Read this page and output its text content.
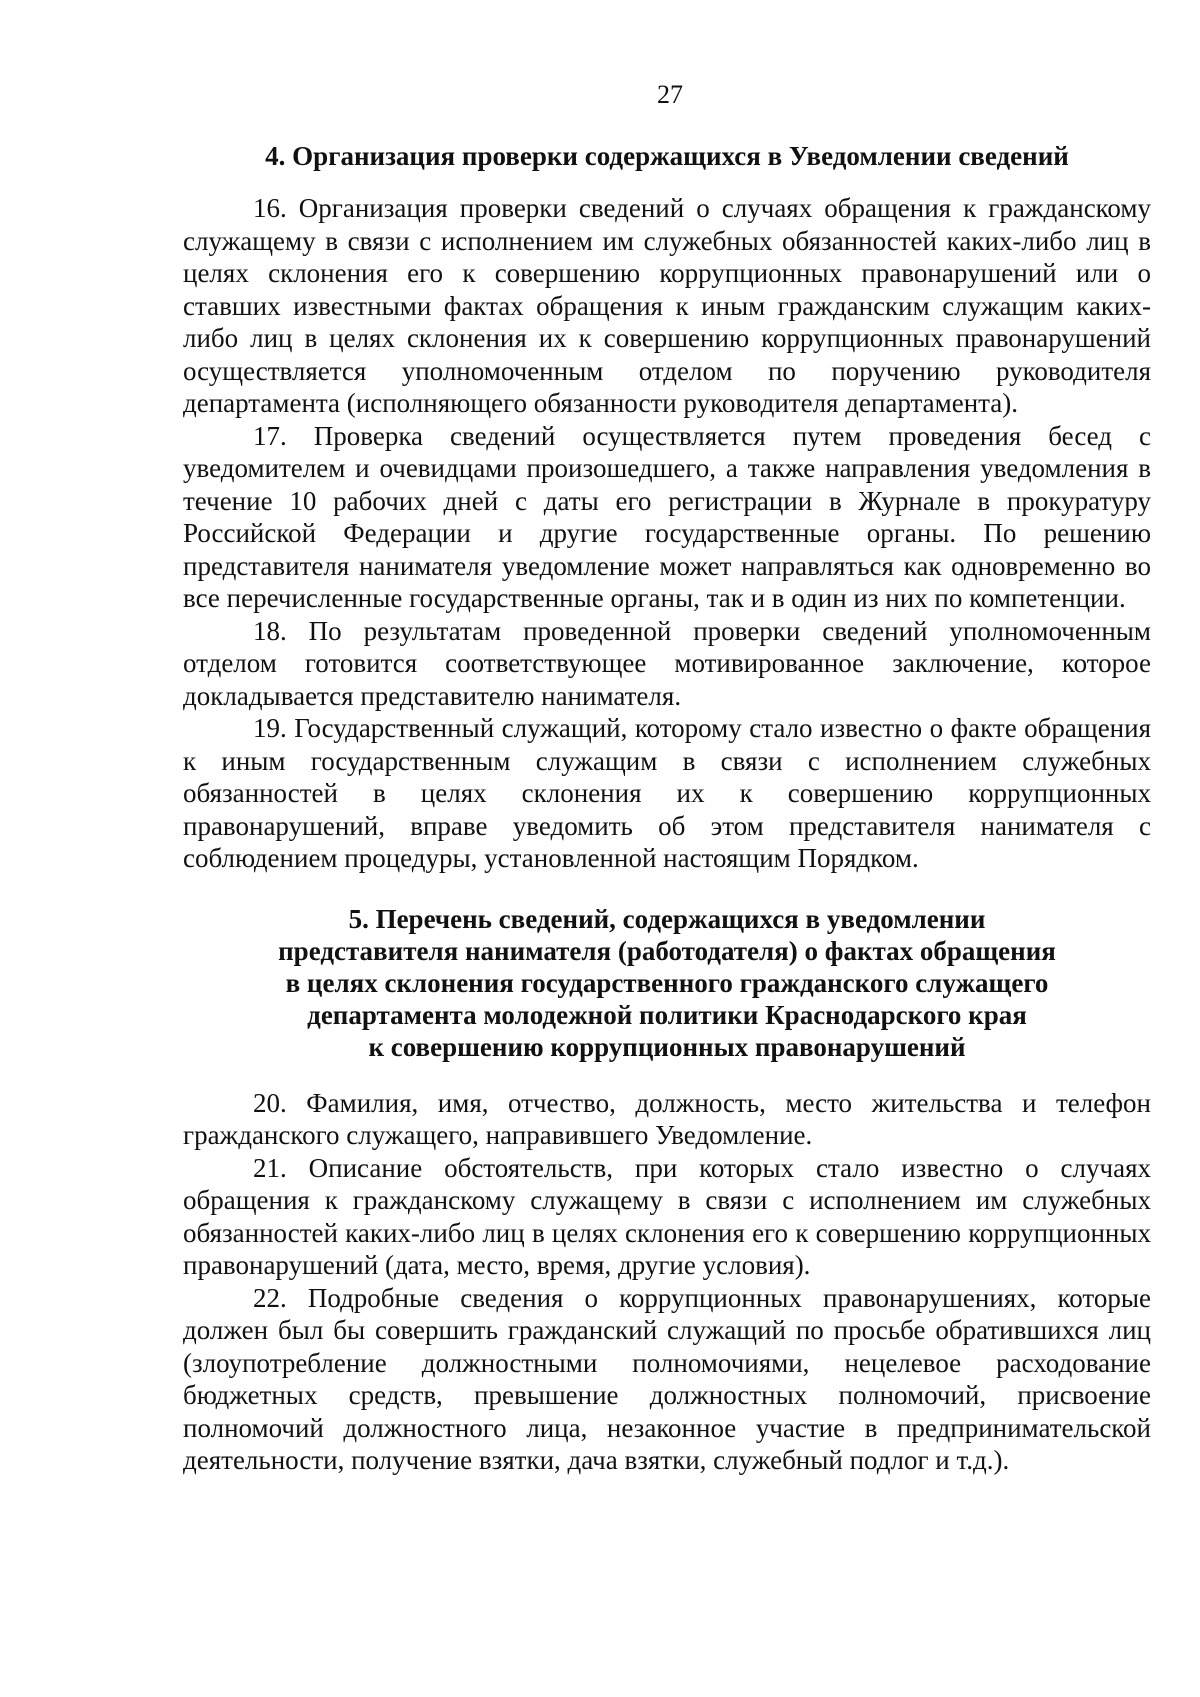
27
4. Организация проверки содержащихся в Уведомлении сведений

16. Организация проверки сведений о случаях обращения к гражданскому служащему в связи с исполнением им служебных обязанностей каких-либо лиц в целях склонения его к совершению коррупционных правонарушений или о ставших известными фактах обращения к иным гражданским служащим каких-либо лиц в целях склонения их к совершению коррупционных правонарушений осуществляется уполномоченным отделом по поручению руководителя департамента (исполняющего обязанности руководителя департамента).

17. Проверка сведений осуществляется путем проведения бесед с уведомителем и очевидцами произошедшего, а также направления уведомления в течение 10 рабочих дней с даты его регистрации в Журнале в прокуратуру Российской Федерации и другие государственные органы. По решению представителя нанимателя уведомление может направляться как одновременно во все перечисленные государственные органы, так и в один из них по компетенции.

18. По результатам проведенной проверки сведений уполномоченным отделом готовится соответствующее мотивированное заключение, которое докладывается представителю нанимателя.

19. Государственный служащий, которому стало известно о факте обращения к иным государственным служащим в связи с исполнением служебных обязанностей в целях склонения их к совершению коррупционных правонарушений, вправе уведомить об этом представителя нанимателя с соблюдением процедуры, установленной настоящим Порядком.

5. Перечень сведений, содержащихся в уведомлении
представителя нанимателя (работодателя) о фактах обращения
в целях склонения государственного гражданского служащего
департамента молодежной политики Краснодарского края
к совершению коррупционных правонарушений

20. Фамилия, имя, отчество, должность, место жительства и телефон гражданского служащего, направившего Уведомление.

21. Описание обстоятельств, при которых стало известно о случаях обращения к гражданскому служащему в связи с исполнением им служебных обязанностей каких-либо лиц в целях склонения его к совершению коррупционных правонарушений (дата, место, время, другие условия).

22. Подробные сведения о коррупционных правонарушениях, которые должен был бы совершить гражданский служащий по просьбе обратившихся лиц (злоупотребление должностными полномочиями, нецелевое расходование бюджетных средств, превышение должностных полномочий, присвоение полномочий должностного лица, незаконное участие в предпринимательской деятельности, получение взятки, дача взятки, служебный подлог и т.д.).
